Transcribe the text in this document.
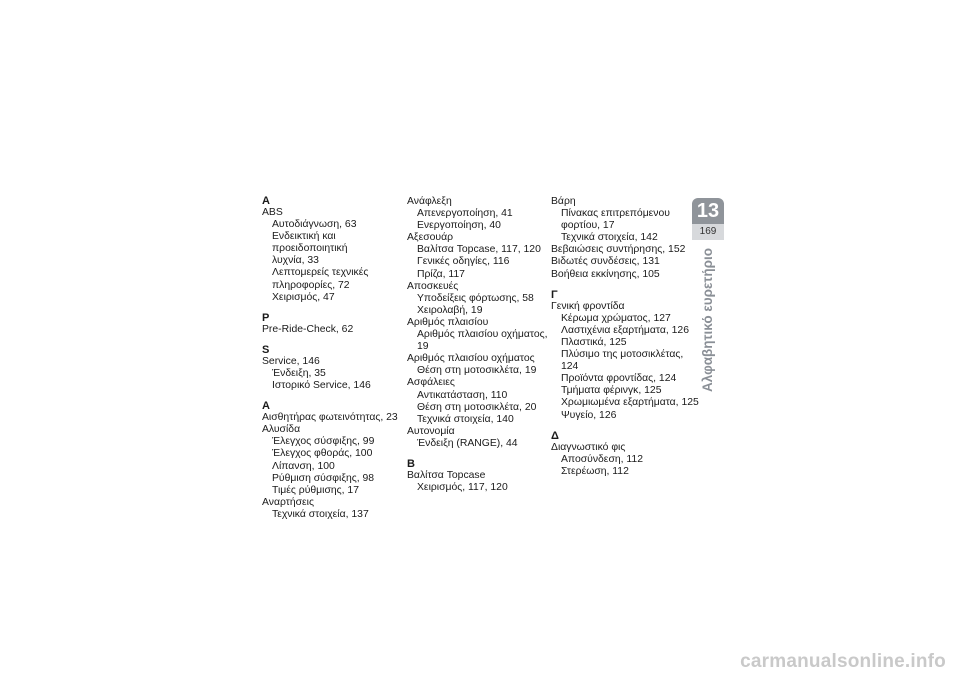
A
ABS
Αυτοδιάγνωση, 63
Ενδεικτική και προειδοποιητική
λυχνία, 33
Λεπτομερείς τεχνικές
πληροφορίες, 72
Χειρισμός, 47
P
Pre-Ride-Check, 62
S
Service, 146
Ένδειξη, 35
Ιστορικό Service, 146
Α
Αισθητήρας φωτεινότητας, 23
Αλυσίδα
Έλεγχος σύσφιξης, 99
Έλεγχος φθοράς, 100
Λίπανση, 100
Ρύθμιση σύσφιξης, 98
Τιμές ρύθμισης, 17
Αναρτήσεις
Τεχνικά στοιχεία, 137
Ανάφλεξη
Απενεργοποίηση, 41
Ενεργοποίηση, 40
Αξεσουάρ
Βαλίτσα Topcase, 117, 120
Γενικές οδηγίες, 116
Πρίζα, 117
Αποσκευές
Υποδείξεις φόρτωσης, 58
Χειρολαβή, 19
Αριθμός πλαισίου
Αριθμός πλαισίου οχήματος, 19
Αριθμός πλαισίου οχήματος
Θέση στη μοτοσικλέτα, 19
Ασφάλειες
Αντικατάσταση, 110
Θέση στη μοτοσικλέτα, 20
Τεχνικά στοιχεία, 140
Αυτονομία
Ένδειξη (RANGE), 44
Β
Βαλίτσα Topcase
Χειρισμός, 117, 120
Βάρη
Πίνακας επιτρεπόμενου
φορτίου, 17
Τεχνικά στοιχεία, 142
Βεβαιώσεις συντήρησης, 152
Βιδωτές συνδέσεις, 131
Βοήθεια εκκίνησης, 105
Γ
Γενική φροντίδα
Κέρωμα χρώματος, 127
Λαστιχένια εξαρτήματα, 126
Πλαστικά, 125
Πλύσιμο της μοτοσικλέτας, 124
Προϊόντα φροντίδας, 124
Τμήματα φέρινγκ, 125
Χρωμιωμένα εξαρτήματα, 125
Ψυγείο, 126
Δ
Διαγνωστικό φις
Αποσύνδεση, 112
Στερέωση, 112
13
169
Αλφαβητικό ευρετήριο
carmanualsonline.info
